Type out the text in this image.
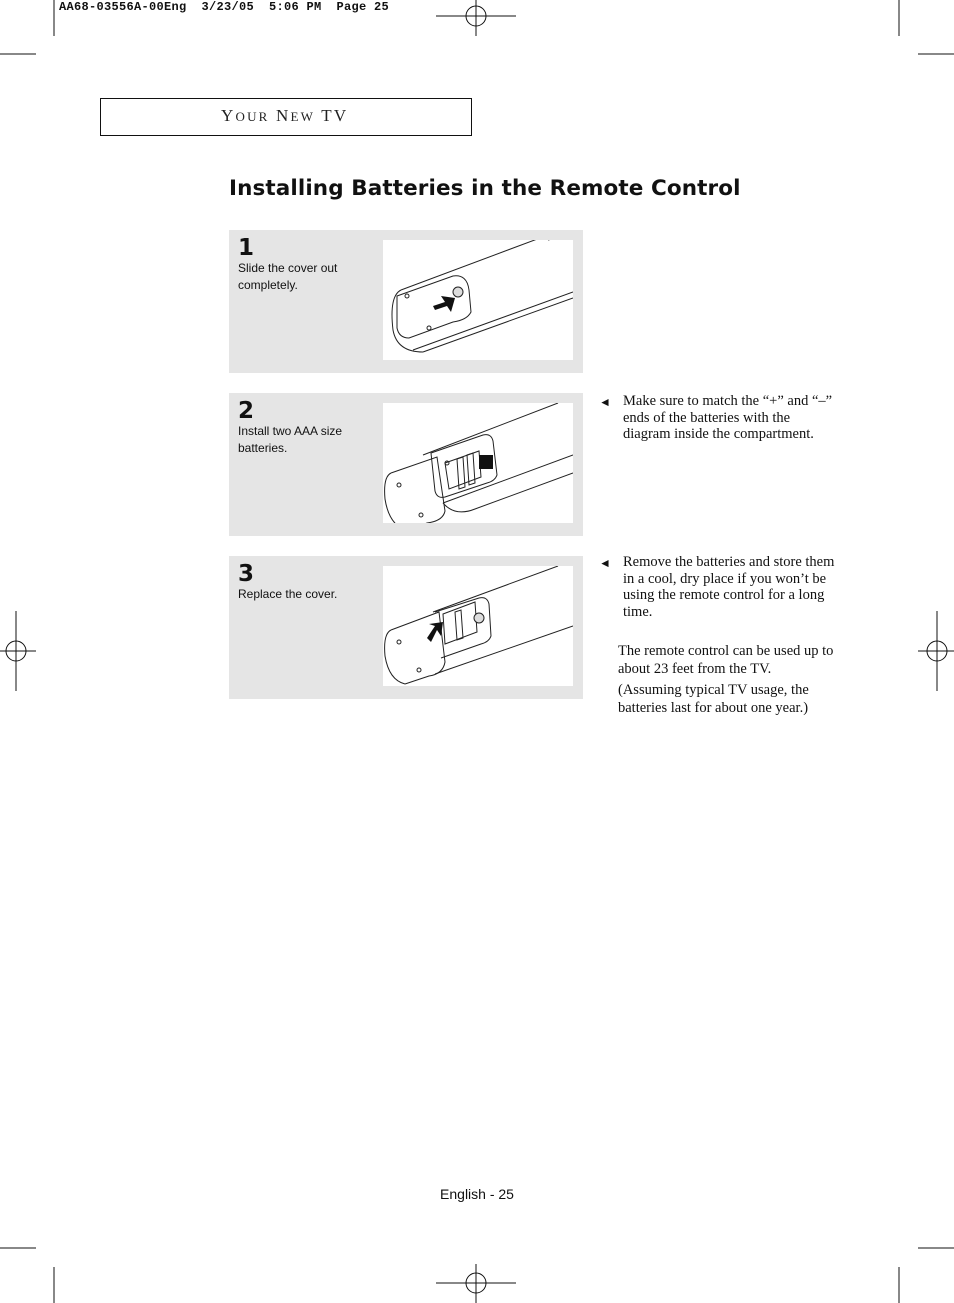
AA68-03556A-00Eng  3/23/05  5:06 PM  Page 25
YOUR NEW TV
Installing Batteries in the Remote Control
1
Slide the cover out completely.
2
Install two AAA size batteries.
3
Replace the cover.
◄ Make sure to match the “+” and “–” ends of the batteries with the diagram inside the compartment.
◄ Remove the batteries and store them in a cool, dry place if you won’t be using the remote control for a long time.
The remote control can be used up to about 23 feet from the TV.
(Assuming typical TV usage, the batteries last for about one year.)
English - 25
